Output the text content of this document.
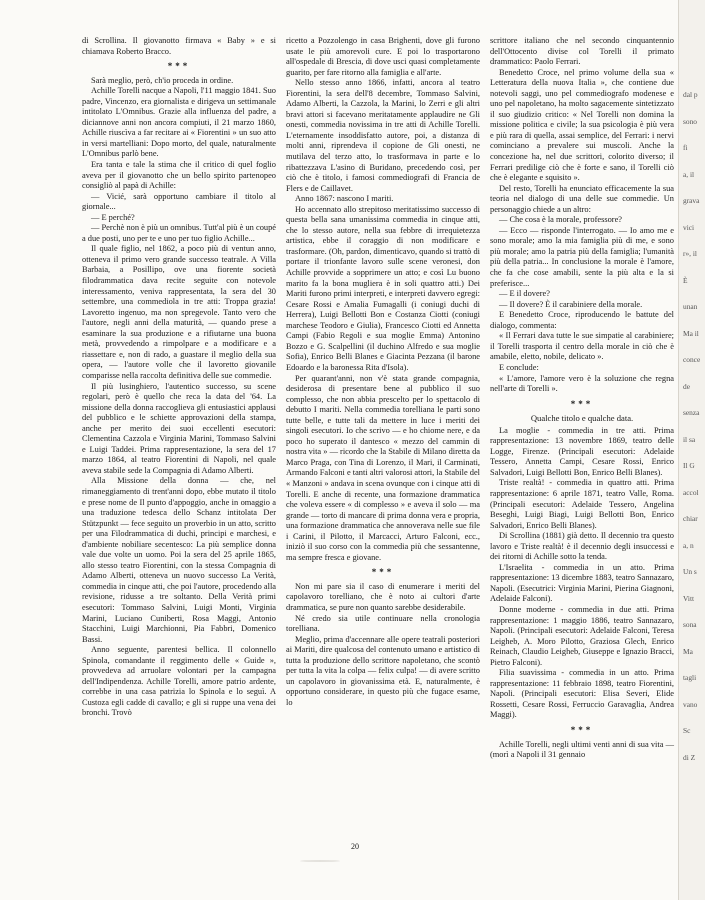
di Scrollina. Il giovanotto firmava « Baby » e si chiamava Roberto Bracco.

***

Sarà meglio, però, ch'io proceda in ordine.

Achille Torelli nacque a Napoli, l'11 maggio 1841. Suo padre, Vincenzo, era giornalista e dirigeva un settimanale intitolato L'Omnibus. Grazie alla influenza del padre, a diciannove anni non ancora compiuti, il 21 marzo 1860, Achille riuscìva a far recitare ai « Fiorentini » un suo atto in versi martelliani: Dopo morto, del quale, naturalmente L'Omnibus parlò bene.

Era tanta e tale la stima che il critico di quel foglio aveva per il giovanotto che un bello spirito partenopeo consigliò al papà di Achille:

— Vicié, sarà opportuno cambiare il titolo al giornale...

— E perché?

— Perchè non è più un omnibus. Tutt'al più è un coupé a due posti, uno per te e uno per tuo figlio Achille...

Il quale figlio, nel 1862, a poco più di ventun anno, otteneva il primo vero grande successo teatrale. A Villa Barbaia, a Posillipo, ove una fiorente società filodrammatica dava recite seguite con notevole interessamento, veniva rappresentata, la sera del 30 settembre, una commediola in tre atti: Troppa grazia! Lavoretto ingenuo, ma non spregevole. Tanto vero che l'autore, negli anni della maturità, — quando prese a esaminare la sua produzione e a rifiutarne una buona metà, provvedendo a rimpolpare e a modificare e a riassettare e, non di rado, a guastare il meglio della sua opera, — l'autore volle che il lavoretto giovanile comparisse nella raccolta definitiva delle sue commedie.

Il più lusinghiero, l'autentico successo, su scene regolari, però è quello che reca la data del '64. La missione della donna raccoglieva gli entusiastici applausi del pubblico e le schiette approvazioni della stampa, anche per merito dei suoi eccellenti esecutori: Clementina Cazzola e Virginia Marini, Tommaso Salvini e Luigi Taddei. Prima rappresentazione, la sera del 17 marzo 1864, al teatro Fiorentini di Napoli, nel quale aveva stabile sede la Compagnia di Adamo Alberti.

Alla Missione della donna — che, nel rimaneggiamento di trent'anni dopo, ebbe mutato il titolo e prese nome de Il punto d'appoggio, anche in omaggio a una traduzione tedesca dello Schanz intitolata Der Stützpunkt — fece seguito un proverbio in un atto, scritto per una Filodrammatica di duchi, principi e marchesi, e d'ambiente nobiliare secentesco: La più semplice donna vale due volte un uomo. Poi la sera del 25 aprile 1865, allo stesso teatro Fiorentini, con la stessa Compagnia di Adamo Alberti, otteneva un nuovo successo La Verità, commedia in cinque atti, che poi l'autore, procedendo alla revisione, ridusse a tre soltanto. Della Verità primi esecutori: Tommaso Salvini, Luigi Monti, Virginia Marini, Luciano Cuniberti, Rosa Maggi, Antonio Stacchini, Luigi Marchionni, Pia Fabbri, Domenico Bassi.

Anno seguente, parentesi bellica. Il colonnello Spinola, comandante il reggimento delle « Guide », provvedeva ad arruolare volontari per la campagna dell'Indipendenza. Achille Torelli, amore patrio ardente, correbbe in una casa patrizia lo Spinola e lo seguì. A Custoza egli cadde di cavallo; e gli si ruppe una vena dei bronchi. Trovò

ricetto a Pozzolengo in casa Brighenti, dove gli furono usate le più amorevoli cure. E poi lo trasportarono all'ospedale di Brescia, di dove usci quasi completamente guarito, per fare ritorno alla famiglia e all'arte.

Nello stesso anno 1866, infatti, ancora al teatro Fiorentini, la sera dell'8 decembre, Tommaso Salvini, Adamo Alberti, la Cazzola, la Marini, lo Zerri e gli altri bravi attori si facevano meritatamente applaudire ne Gli onesti, commedia novissima in tre atti di Achille Torelli. L'eternamente insoddisfatto autore, poi, a distanza di molti anni, riprendeva il copione de Gli onesti, ne mutilava del terzo atto, lo trasformava in parte e lo ribattezzava L'asino di Buridano, precedendo così, per ciò che è titolo, i famosi commediografi di Francia de Flers e de Caillavet.

Anno 1867: nascono I mariti.

Ho accennato allo strepitoso meritatissimo successo di questa bella sana umanissima commedia in cinque atti, che lo stesso autore, nella sua febbre di irrequietezza artistica, ebbe il coraggio di non modificare e trasformare. (Oh, pardon, dimenticavo, quando si trattò di portare il trionfante lavoro sulle scene veronesi, don Achille provvide a sopprimere un atto; e così Lu buono marito fa la bona mugliera è in soli quattro atti.) Dei Mariti furono primi interpreti, e interpreti davvero egregi: Cesare Rossi e Amalia Fumagalli (i coniugi duchi di Herrera), Luigi Bellotti Bon e Costanza Ciotti (coniugi marchese Teodoro e Giulia), Francesco Ciotti ed Annetta Campi (Fabio Regoli e sua moglie Emma) Antonino Bozzo e G. Scalpellini (il duchino Alfredo e sua moglie Sofia), Enrico Belli Blanes e Giacinta Pezzana (il barone Edoardo e la baronessa Rita d'Isola).

Per quarant'anni, non v'è stata grande compagnia, desiderosa di presentare bene al pubblico il suo complesso, che non abbia prescelto per lo spettacolo di debutto I mariti. Nella commedia torelliana le parti sono tutte belle, e tutte tali da mettere in luce i meriti dei singoli esecutori. Io che scrivo — e ho chiome nere, e da poco ho superato il dantesco « mezzo del cammin di nostra vita » — ricordo che la Stabile di Milano diretta da Marco Praga, con Tina di Lorenzo, il Mari, il Carminati, Armando Falconi e tanti altri valorosi attori, la Stabile del « Manzoni » andava in scena ovunque con i cinque atti di Torelli. E anche di recente, una formazione drammatica che voleva essere « di complesso » e aveva il solo — ma grande — torto di mancare di prima donna vera e propria, una formazione drammatica che annoverava nelle sue file i Carini, il Pilotto, il Marcacci, Arturo Falconi, ecc., iniziò il suo corso con la commedia più che sessantenne, ma sempre fresca e giovane.

***

Non mi pare sia il caso di enumerare i meriti del capolavoro torelliano, che è noto ai cultori d'arte drammatica, se pure non quanto sarebbe desiderabile.

Né credo sia utile continuare nella cronologia torelliana.

Meglio, prima d'accennare alle opere teatrali posteriori ai Mariti, dire qualcosa del contenuto umano e artistico di tutta la produzione dello scrittore napoletano, che scontò per tutta la vita la colpa — felix culpa! — di avere scritto un capolavoro in giovanissima età. E, naturalmente, è opportuno considerare, in questo più che fugace esame, lo

scrittore italiano che nel secondo cinquantennio dell'Ottocento divise col Torelli il primato drammatico: Paolo Ferrari.

Benedetto Croce, nel primo volume della sua « Letteratura della nuova Italia », che contiene due notevoli saggi, uno pel commediografo modenese e uno pel napoletano, ha molto sagacemente sintetizzato il suo giudizio critico: « Nel Torelli non domina la missione politica e civile; la sua psicologia è più vera e più rara di quella, assai semplice, del Ferrari: i nervi cominciano a prevalere sui muscoli. Anche la concezione ha, nel due scrittori, colorito diverso; il Ferrari predilige ciò che è forte e sano, il Torelli ciò che è elegante e squisito ».

Del resto, Torelli ha enunciato efficacemente la sua teoria nel dialogo di una delle sue commedie. Un personaggio chiede a un altro:

— Che cosa è la morale, professore?

— Ecco — risponde l'interrogato. — Io amo me e sono morale; amo la mia famiglia più di me, e sono più morale; amo la patria più della famiglia; l'umanità più della patria... In conclusione la morale è l'amore, che fa che cose amabili, sente la più alta e la si preferisce...

— E il dovere?

— Il dovere? È il carabiniere della morale.

E Benedetto Croce, riproducendo le battute del dialogo, commenta:

« Il Ferrari dava tutte le sue simpatie al carabiniere; il Torelli trasporta il centro della morale in ciò che è amabile, eletto, nobile, delicato ».

E conclude:

« L'amore, l'amore vero è la soluzione che regna nell'arte di Torelli ».

***
Qualche titolo e qualche data.

La moglie - commedia in tre atti. Prima rappresentazione: 13 novembre 1869, teatro delle Logge, Firenze. (Principali esecutori: Adelaide Tessero, Annetta Campi, Cesare Rossi, Enrico Salvadori, Luigi Bellotti Bon, Enrico Belli Blanes).

Triste realtà! - commedia in quattro atti. Prima rappresentazione: 6 aprile 1871, teatro Valle, Roma. (Principali esecutori: Adelaide Tessero, Angelina Beseghi, Luigi Biagi, Luigi Bellotti Bon, Enrico Salvadori, Enrico Belli Blanes).

Di Scrollina (1881) già detto. Il decennio tra questo lavoro e Triste realtà! è il decennio degli insuccessi e dei ritorni di Achille sotto la tenda.

L'Israelita - commedia in un atto. Prima rappresentazione: 13 dicembre 1883, teatro Sannazaro, Napoli. (Esecutrici: Virginia Marini, Pierina Giagnoni, Adelaide Falconi).

Donne moderne - commedia in due atti. Prima rappresentazione: 1 maggio 1886, teatro Sannazaro, Napoli. (Principali esecutori: Adelaide Falconi, Teresa Leigheb, A. Moro Pilotto, Graziosa Glech, Enrico Reinach, Claudio Leigheb, Giuseppe e Ignazio Bracci, Pietro Falconi).

Filia suavissima - commedia in un atto. Prima rappresentazione: 11 febbraio 1898, teatro Fiorentini, Napoli. (Principali esecutori: Elisa Severi, Elide Rossetti, Cesare Rossi, Ferruccio Garavaglia, Andrea Maggi).

***

Achille Torelli, negli ultimi venti anni di sua vita — (morì a Napoli il 31 gennaio

20
dal p
sono
fi
a, il
grava
vici
r», il
È
unan
Ma il
conce
de
senza
il sa
Il G
accol
chiar
a, n
Un s
Vitt
sona
Ma
tagli
vano
Sc
di Z
